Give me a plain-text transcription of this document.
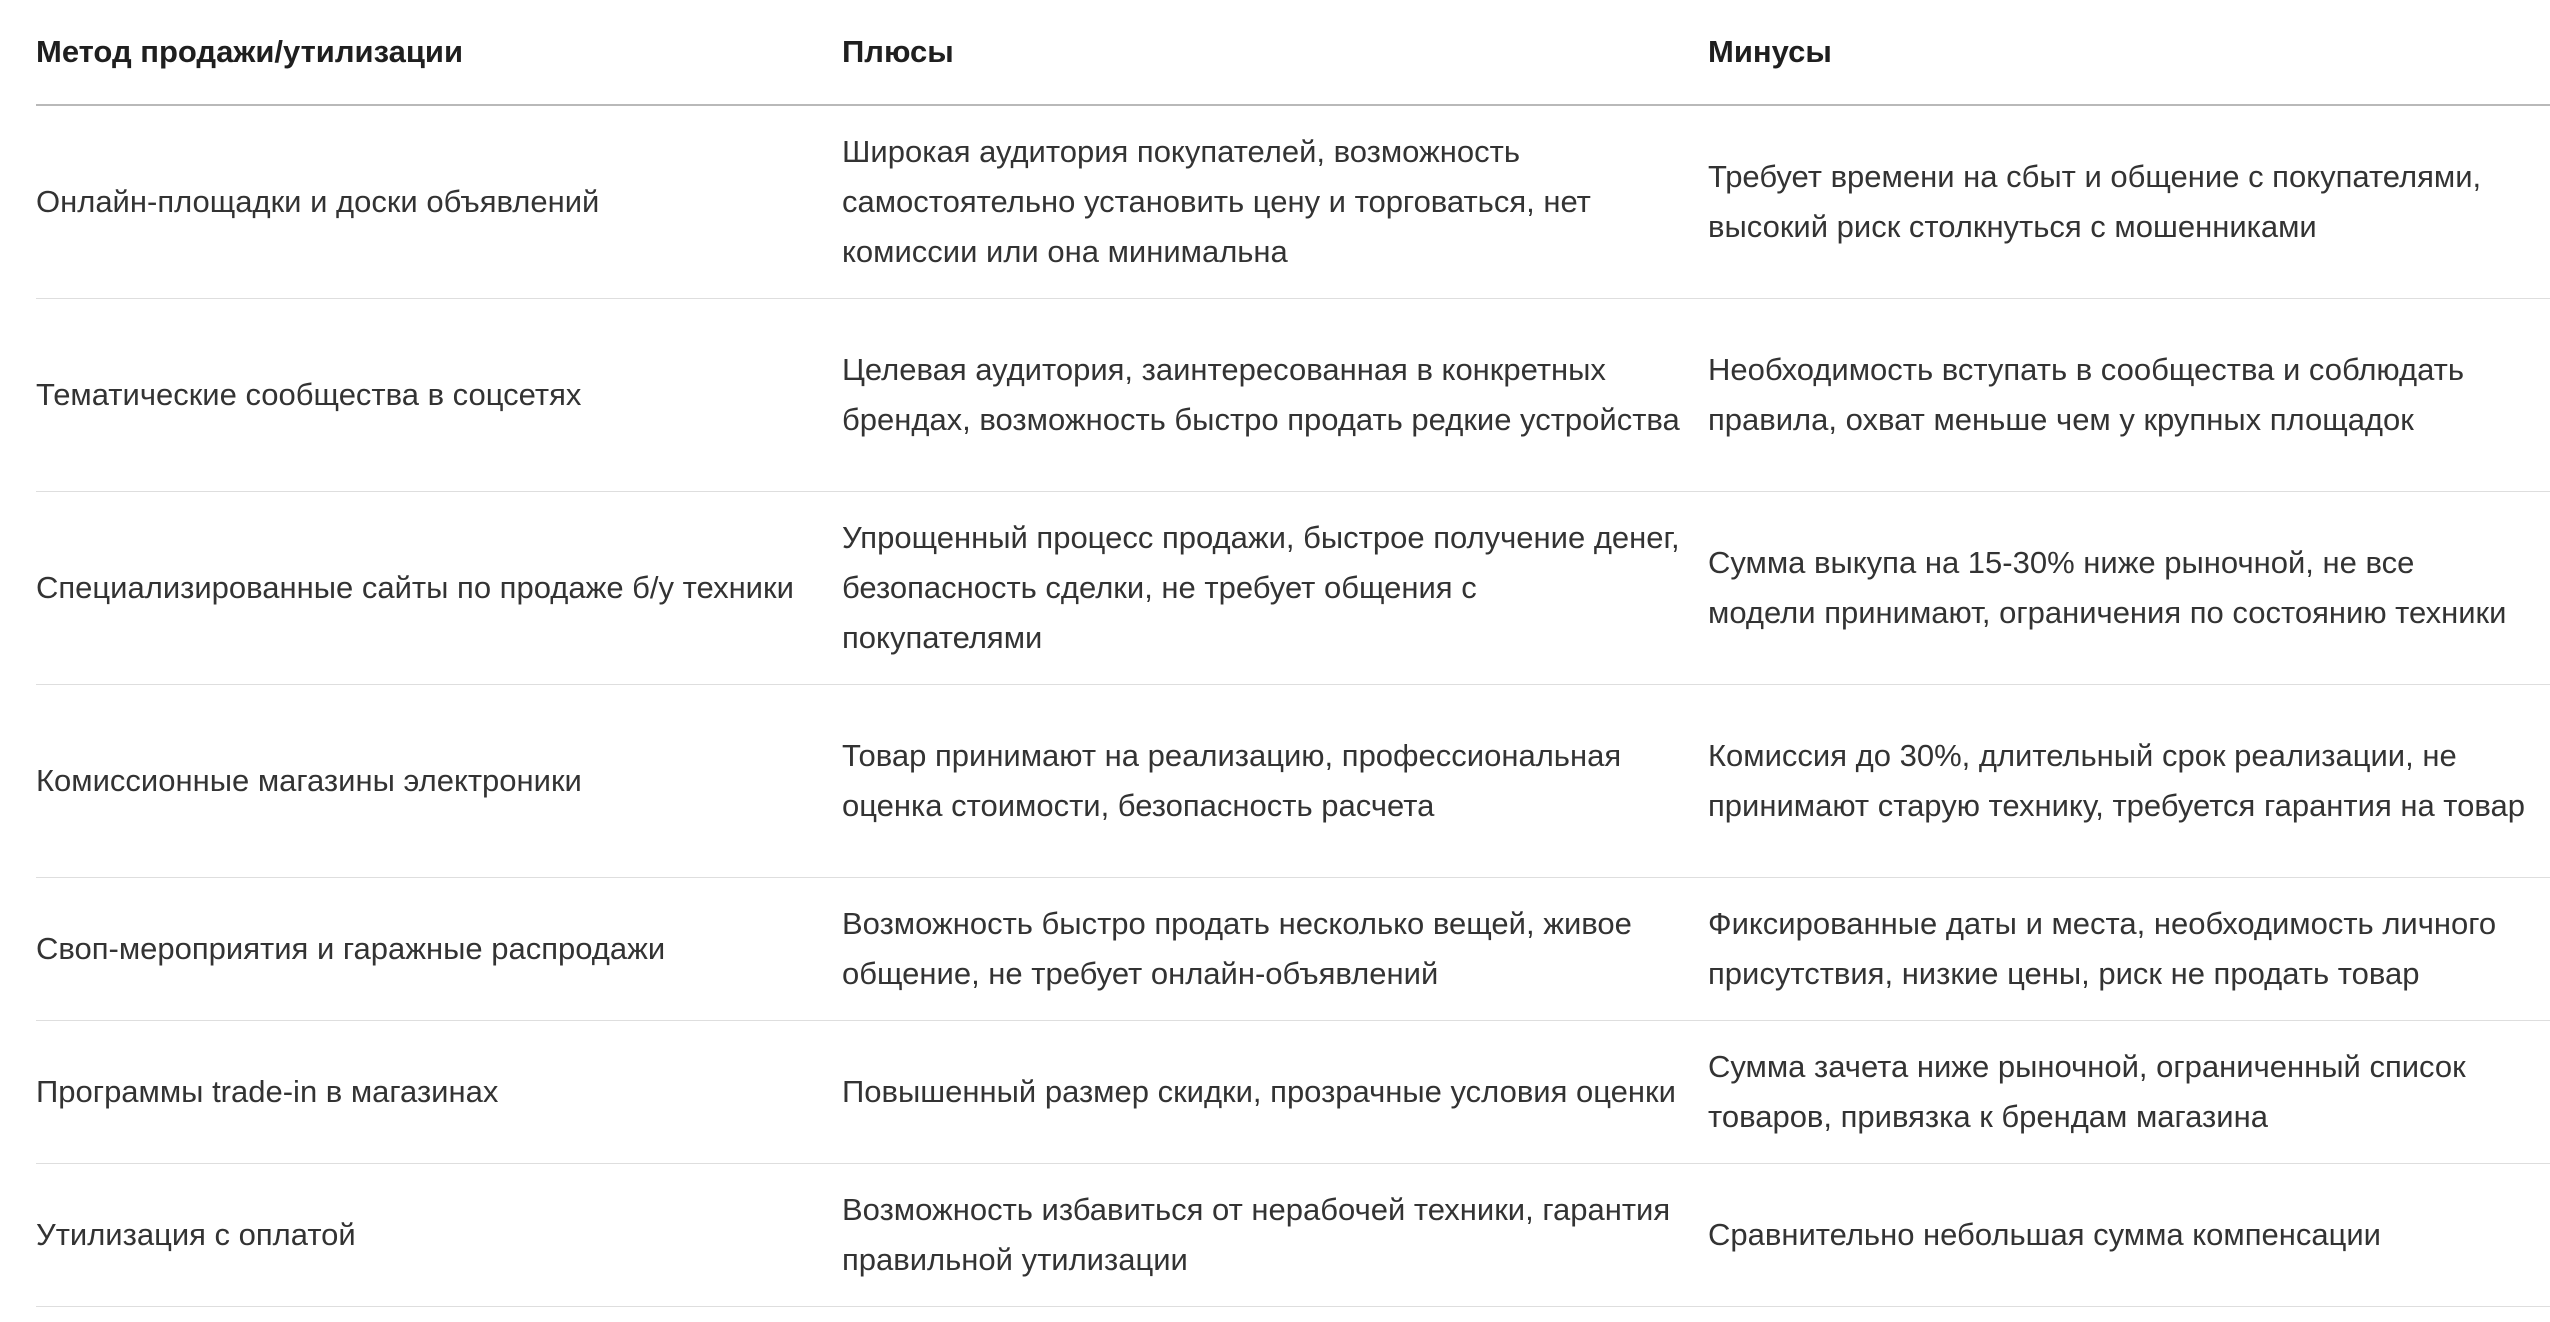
Метод продажи/утилизации	Плюсы	Минусы
Онлайн-площадки и доски объявлений	Широкая аудитория покупателей, возможность самостоятельно установить цену и торговаться, нет комиссии или она минимальна	Требует времени на сбыт и общение с покупателями, высокий риск столкнуться с мошенниками
Тематические сообщества в соцсетях	Целевая аудитория, заинтересованная в конкретных брендах, возможность быстро продать редкие устройства	Необходимость вступать в сообщества и соблюдать правила, охват меньше чем у крупных площадок
Специализированные сайты по продаже б/у техники	Упрощенный процесс продажи, быстрое получение денег, безопасность сделки, не требует общения с покупателями	Сумма выкупа на 15-30% ниже рыночной, не все модели принимают, ограничения по состоянию техники
Комиссионные магазины электроники	Товар принимают на реализацию, профессиональная оценка стоимости, безопасность расчета	Комиссия до 30%, длительный срок реализации, не принимают старую технику, требуется гарантия на товар
Своп-мероприятия и гаражные распродажи	Возможность быстро продать несколько вещей, живое общение, не требует онлайн-объявлений	Фиксированные даты и места, необходимость личного присутствия, низкие цены, риск не продать товар
Программы trade-in в магазинах	Повышенный размер скидки, прозрачные условия оценки	Сумма зачета ниже рыночной, ограниченный список товаров, привязка к брендам магазина
Утилизация с оплатой	Возможность избавиться от нерабочей техники, гарантия правильной утилизации	Сравнительно небольшая сумма компенсации
